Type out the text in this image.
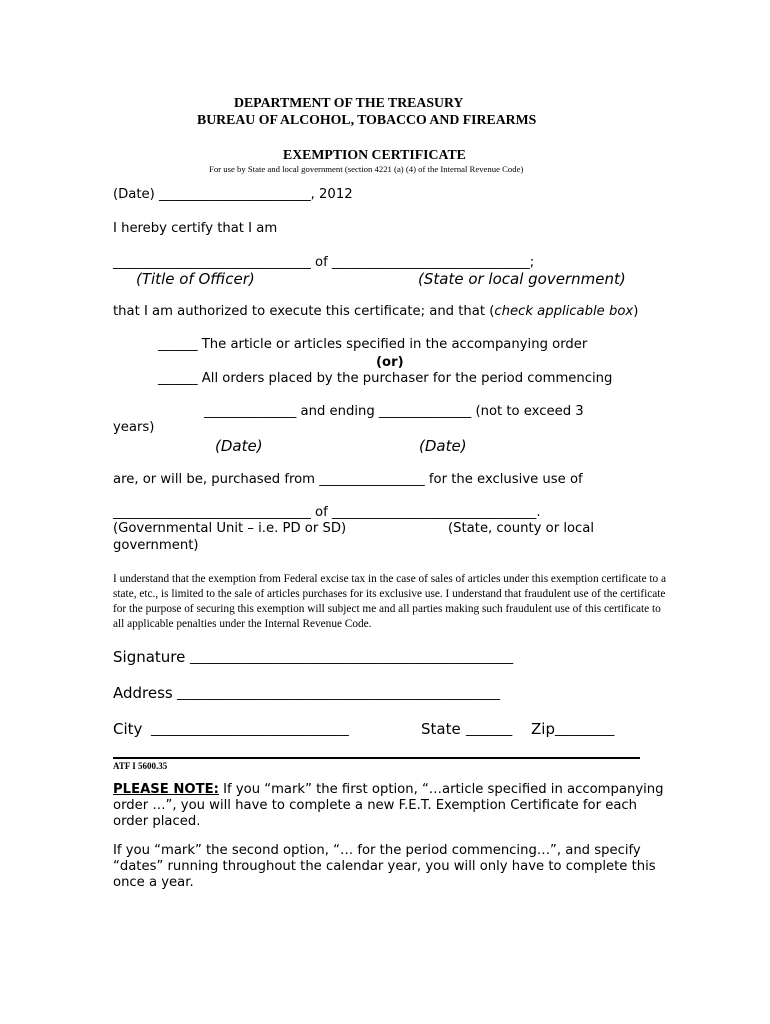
DEPARTMENT OF THE TREASURY
BUREAU OF ALCOHOL, TOBACCO AND FIREARMS
EXEMPTION CERTIFICATE
For use by State and local government (section 4221 (a) (4) of the Internal Revenue Code)
(Date) _______________________, 2012
I hereby certify that I am
______________________________ of ______________________________;
(Title of Officer)	(State or local government)
that I am authorized to execute this certificate; and that (check applicable box)
______ The article or articles specified in the accompanying order
(or)
______ All orders placed by the purchaser for the period commencing
______________ and ending ______________ (not to exceed 3
years)
(Date)	(Date)
are, or will be, purchased from ________________ for the exclusive use of
______________________________ of _______________________________.
(Governmental Unit – i.e. PD or SD)	(State, county or local
government)
I understand that the exemption from Federal excise tax in the case of sales of articles under this exemption certificate to a state, etc., is limited to the sale of articles purchases for its exclusive use. I understand that fraudulent use of the certificate for the purpose of securing this exemption will subject me and all parties making such fraudulent use of this certificate to all applicable penalties under the Internal Revenue Code.
Signature _________________________________________________
Address _________________________________________________
City ______________________________	State _______ Zip _________
ATF I 5600.35
PLEASE NOTE: If you “mark” the first option, “…article specified in accompanying order …”, you will have to complete a new F.E.T. Exemption Certificate for each order placed.
If you “mark” the second option, “… for the period commencing…”, and specify “dates” running throughout the calendar year, you will only have to complete this once a year.
